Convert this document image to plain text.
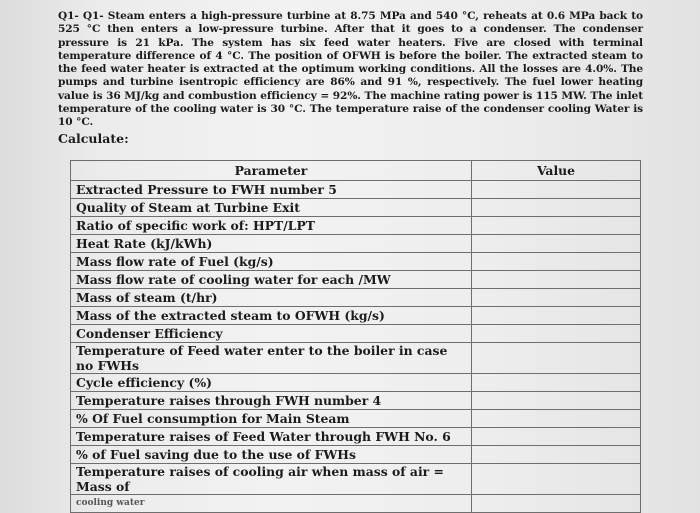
Q1- Q1- Steam enters a high-pressure turbine at 8.75 MPa and 540 °C, reheats at 0.6 MPa back to 525 °C then enters a low-pressure turbine. After that it goes to a condenser. The condenser pressure is 21 kPa. The system has six feed water heaters. Five are closed with terminal temperature difference of 4 °C. The position of OFWH is before the boiler. The extracted steam to the feed water heater is extracted at the optimum working conditions. All the losses are 4.0%. The pumps and turbine isentropic efficiency are 86% and 91 %, respectively. The fuel lower heating value is 36 MJ/kg and combustion efficiency = 92%. The machine rating power is 115 MW. The inlet temperature of the cooling water is 30 °C. The temperature raise of the condenser cooling Water is 10 °C.

Calculate:
Parameter	Value
Extracted Pressure to FWH number 5	
Quality of Steam at Turbine Exit	
Ratio of specific work of: HPT/LPT	
Heat Rate (kJ/kWh)	
Mass flow rate of Fuel (kg/s)	
Mass flow rate of cooling water for each /MW	
Mass of steam (t/hr)	
Mass of the extracted steam to OFWH (kg/s)	
Condenser Efficiency	
Temperature of Feed water enter to the boiler in case no FWHs	
Cycle efficiency (%)	
Temperature raises through FWH number 4	
% Of Fuel consumption for Main Steam	
Temperature raises of Feed Water through FWH No. 6	
% of Fuel saving due to the use of FWHs	
Temperature raises of cooling air when mass of air = Mass of	
cooling water	
